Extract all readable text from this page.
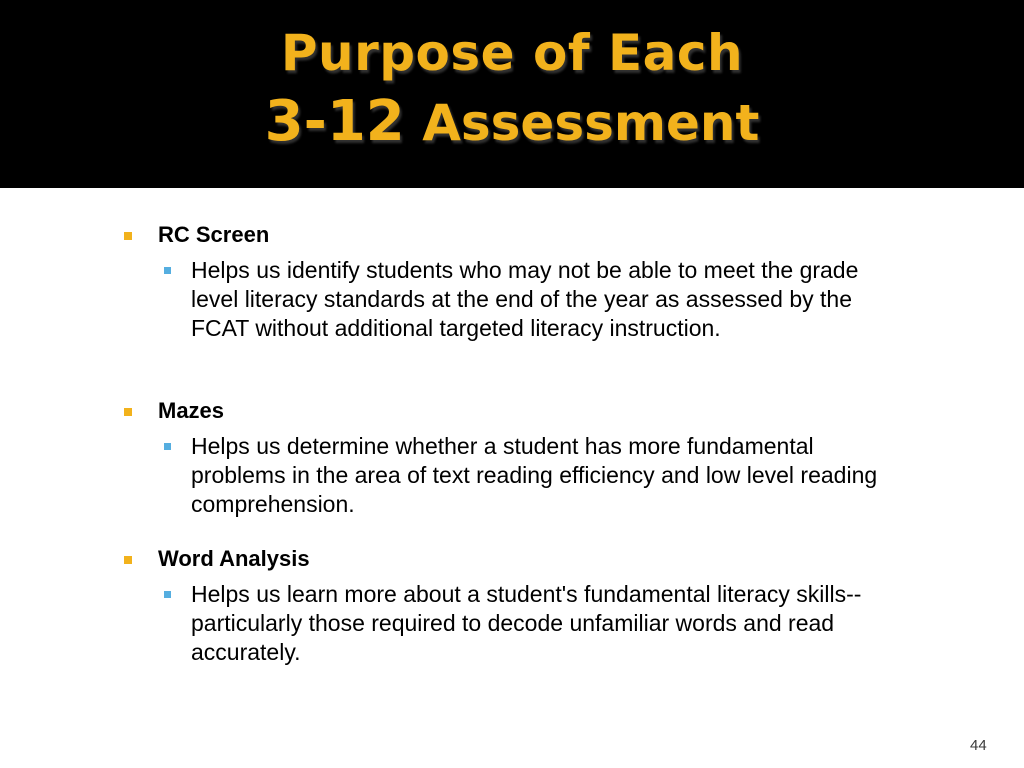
Purpose of Each
3-12 Assessment
RC Screen
Helps us identify students who may not be able to meet the grade level literacy standards at the end of the year as assessed by the FCAT without additional targeted literacy instruction.
Mazes
Helps us determine whether a student has more fundamental problems in the area of text reading efficiency and low level reading comprehension.
Word Analysis
Helps us learn more about a student's fundamental literacy skills--particularly those required to decode unfamiliar words and read accurately.
44
